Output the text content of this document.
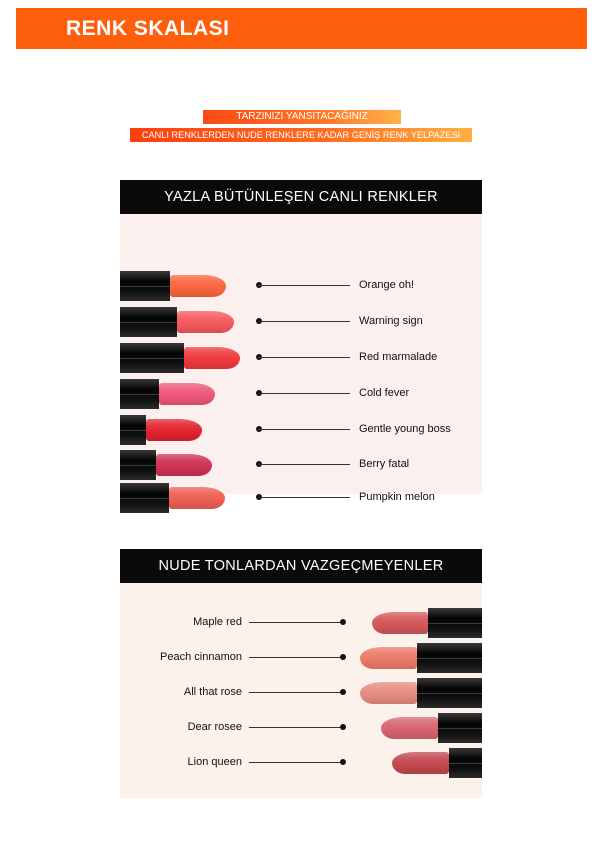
RENK SKALASI
TARZINIZI YANSITACAĞINIZ
CANLI RENKLERDEN NUDE RENKLERE KADAR GENİŞ RENK YELPAZESİ
YAZLA BÜTÜNLEŞEN CANLI RENKLER
Orange oh!
Warning sign
Red marmalade
Cold fever
Gentle young boss
Berry fatal
Pumpkin melon
NUDE TONLARDAN VAZGEÇMEYENLER
Maple red
Peach cinnamon
All that rose
Dear rosee
Lion queen
